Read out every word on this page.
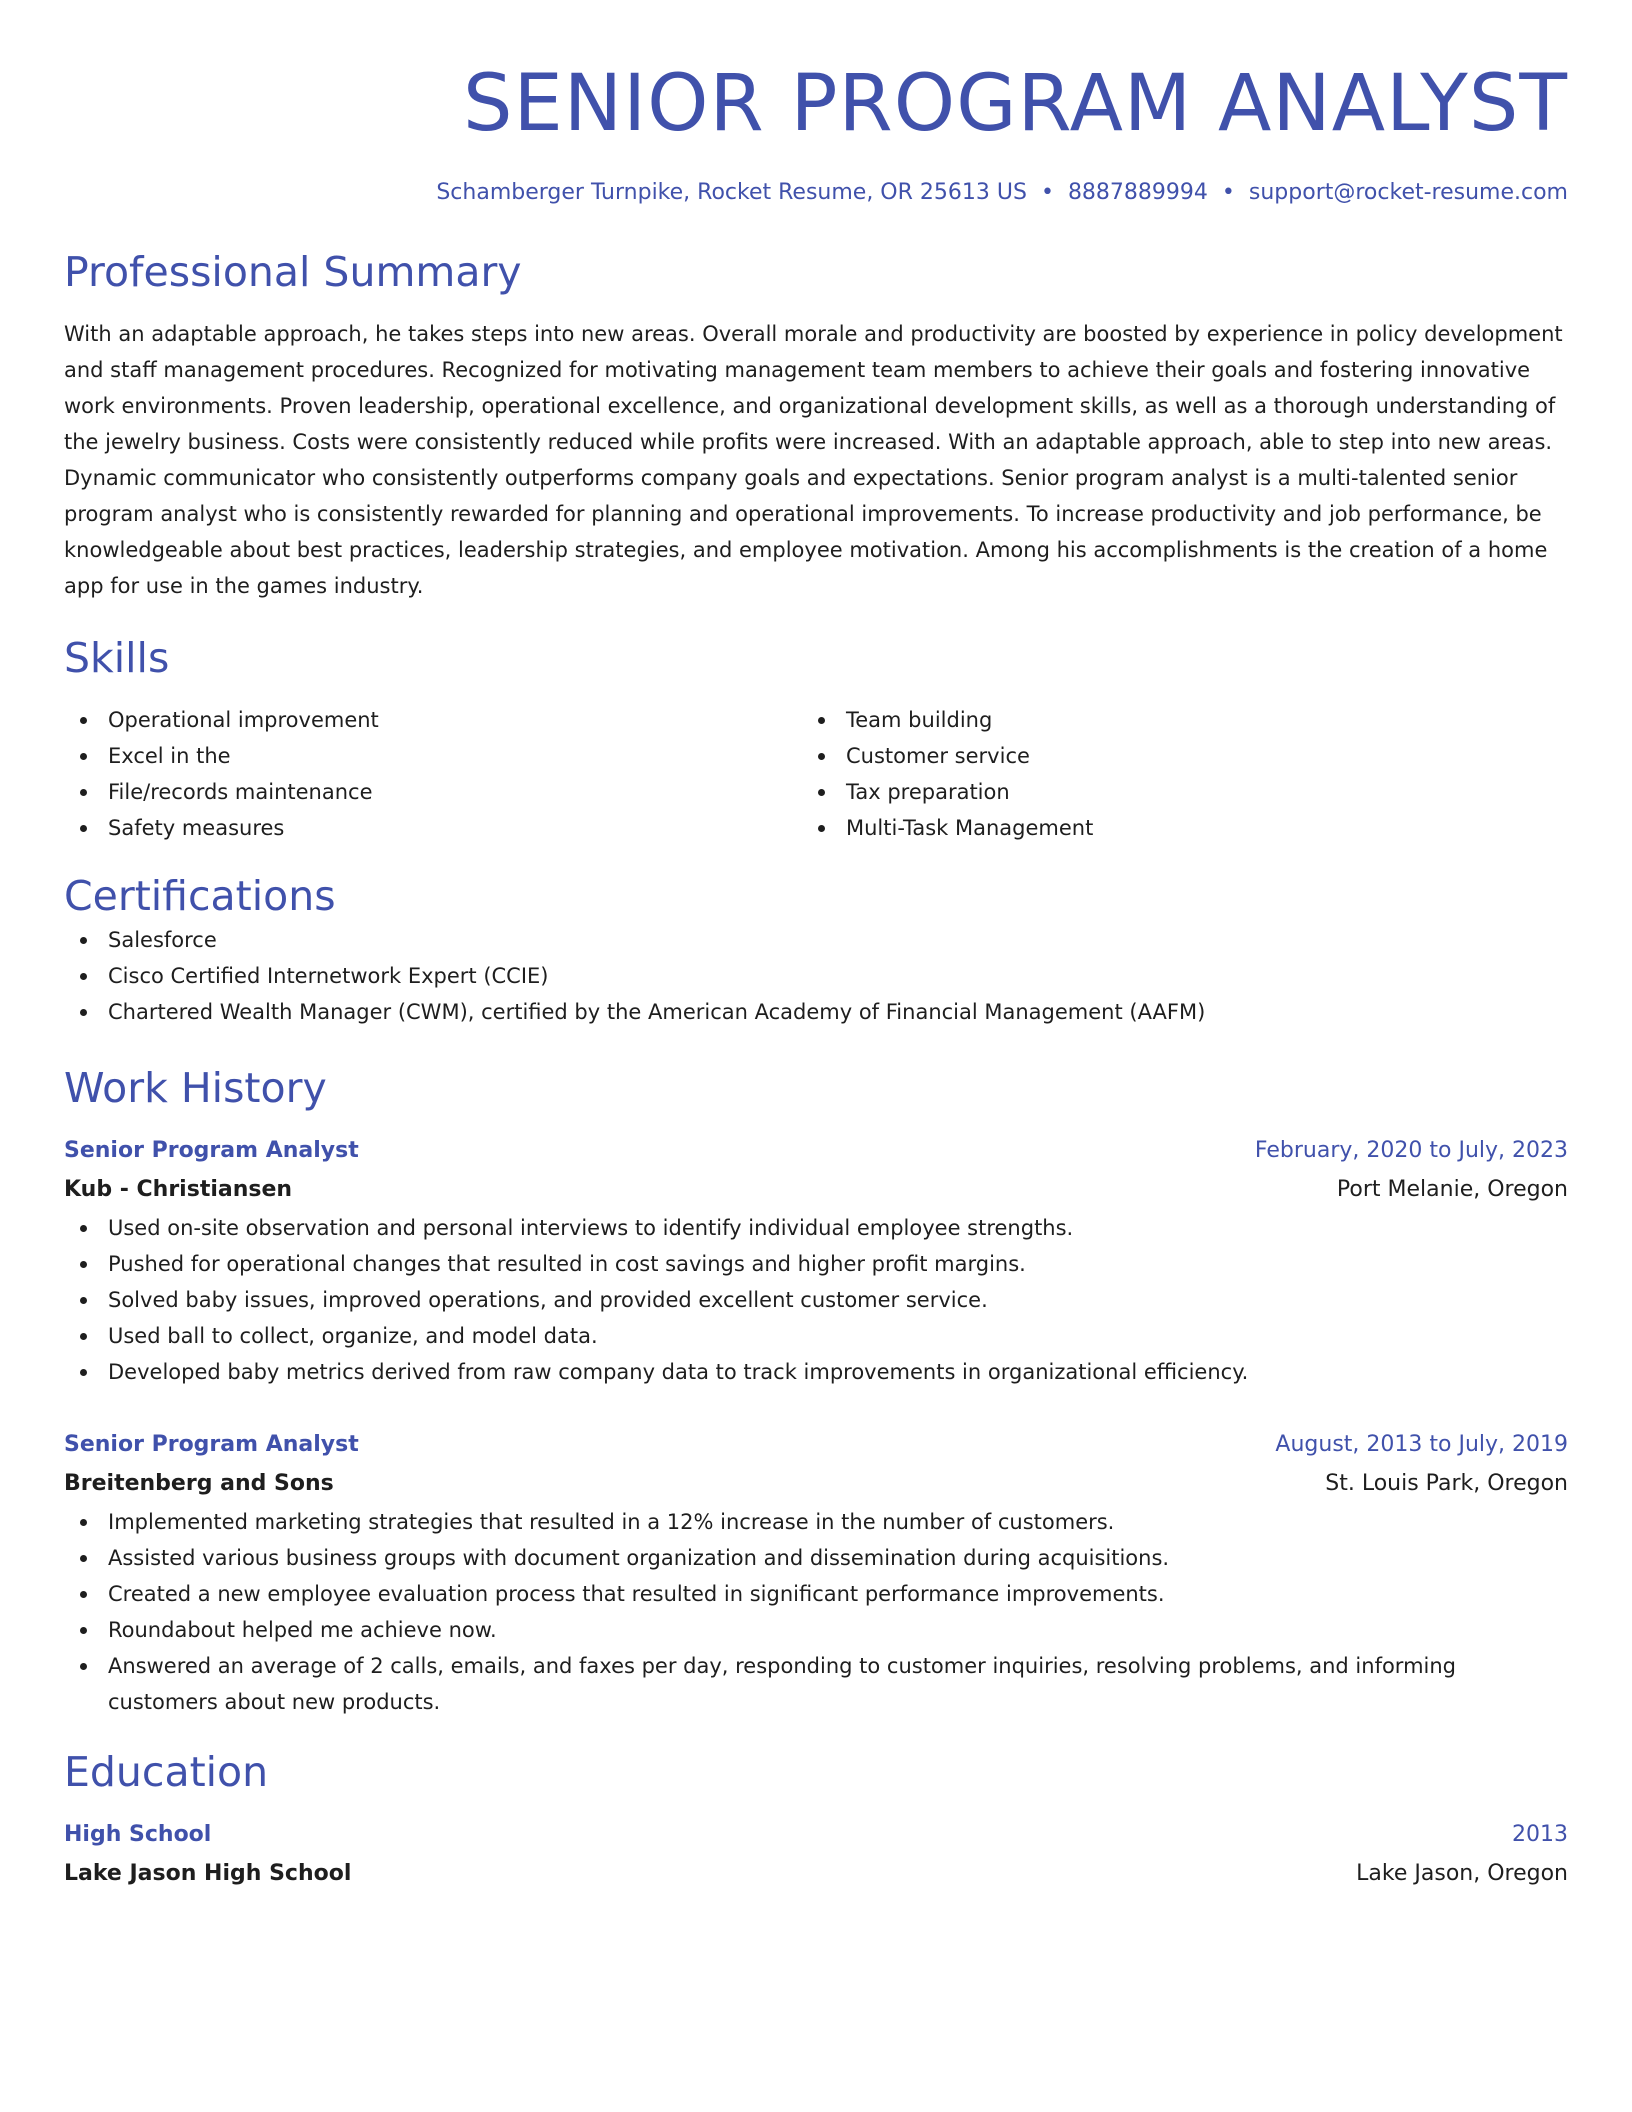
SENIOR PROGRAM ANALYST
Schamberger Turnpike, Rocket Resume, OR 25613 US • 8887889994 • support@rocket-resume.com
Professional Summary
With an adaptable approach, he takes steps into new areas. Overall morale and productivity are boosted by experience in policy development and staff management procedures. Recognized for motivating management team members to achieve their goals and fostering innovative work environments. Proven leadership, operational excellence, and organizational development skills, as well as a thorough understanding of the jewelry business. Costs were consistently reduced while profits were increased. With an adaptable approach, able to step into new areas. Dynamic communicator who consistently outperforms company goals and expectations. Senior program analyst is a multi-talented senior program analyst who is consistently rewarded for planning and operational improvements. To increase productivity and job performance, be knowledgeable about best practices, leadership strategies, and employee motivation. Among his accomplishments is the creation of a home app for use in the games industry.
Skills
Operational improvement
Excel in the
File/records maintenance
Safety measures
Team building
Customer service
Tax preparation
Multi-Task Management
Certifications
Salesforce
Cisco Certified Internetwork Expert (CCIE)
Chartered Wealth Manager (CWM), certified by the American Academy of Financial Management (AAFM)
Work History
Senior Program Analyst	February, 2020 to July, 2023
Kub - Christiansen	Port Melanie, Oregon
Used on-site observation and personal interviews to identify individual employee strengths.
Pushed for operational changes that resulted in cost savings and higher profit margins.
Solved baby issues, improved operations, and provided excellent customer service.
Used ball to collect, organize, and model data.
Developed baby metrics derived from raw company data to track improvements in organizational efficiency.
Senior Program Analyst	August, 2013 to July, 2019
Breitenberg and Sons	St. Louis Park, Oregon
Implemented marketing strategies that resulted in a 12% increase in the number of customers.
Assisted various business groups with document organization and dissemination during acquisitions.
Created a new employee evaluation process that resulted in significant performance improvements.
Roundabout helped me achieve now.
Answered an average of 2 calls, emails, and faxes per day, responding to customer inquiries, resolving problems, and informing customers about new products.
Education
High School	2013
Lake Jason High School	Lake Jason, Oregon
